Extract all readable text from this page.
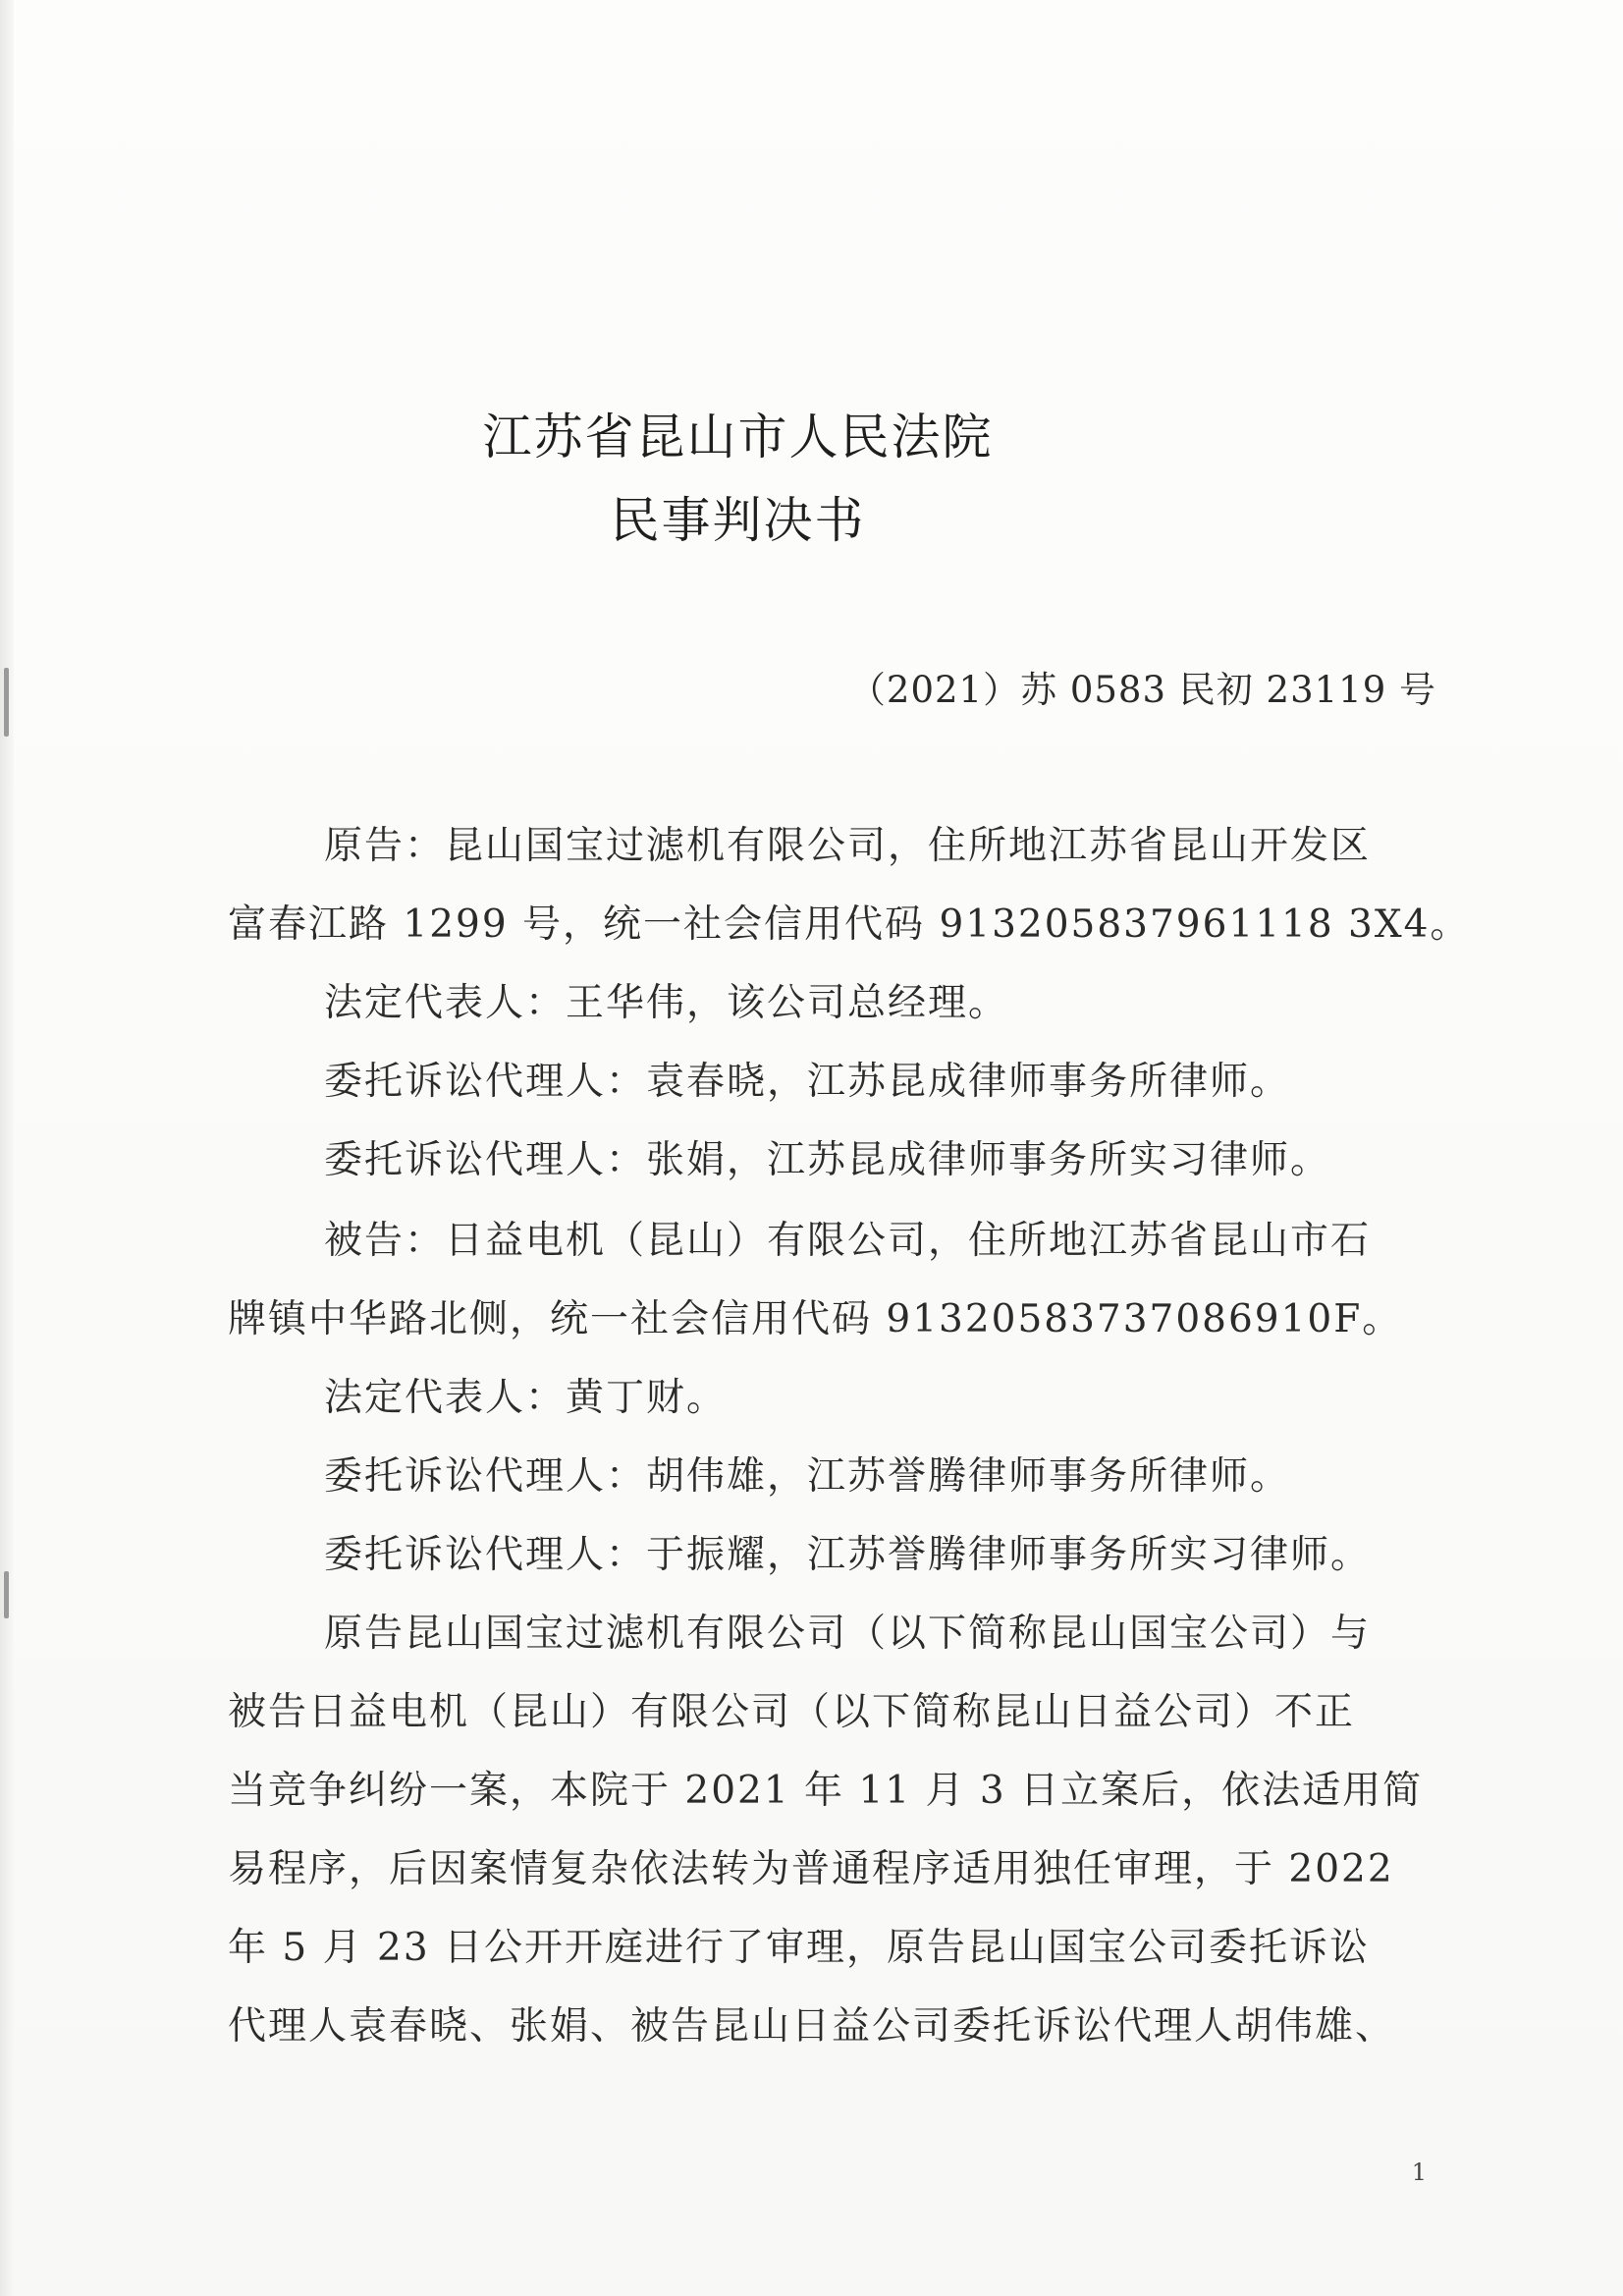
江苏省昆山市人民法院
民事判决书
（2021）苏 0583 民初 23119 号
原告：昆山国宝过滤机有限公司，住所地江苏省昆山开发区
富春江路 1299 号，统一社会信用代码 913205837961118 3X4。
法定代表人：王华伟，该公司总经理。
委托诉讼代理人：袁春晓，江苏昆成律师事务所律师。
委托诉讼代理人：张娟，江苏昆成律师事务所实习律师。
被告：日益电机（昆山）有限公司，住所地江苏省昆山市石
牌镇中华路北侧，统一社会信用代码 91320583737086910F。
法定代表人：黄丁财。
委托诉讼代理人：胡伟雄，江苏誉腾律师事务所律师。
委托诉讼代理人：于振耀，江苏誉腾律师事务所实习律师。
原告昆山国宝过滤机有限公司（以下简称昆山国宝公司）与
被告日益电机（昆山）有限公司（以下简称昆山日益公司）不正
当竞争纠纷一案，本院于 2021 年 11 月 3 日立案后，依法适用简
易程序，后因案情复杂依法转为普通程序适用独任审理，于 2022
年 5 月 23 日公开开庭进行了审理，原告昆山国宝公司委托诉讼
代理人袁春晓、张娟、被告昆山日益公司委托诉讼代理人胡伟雄、
1
